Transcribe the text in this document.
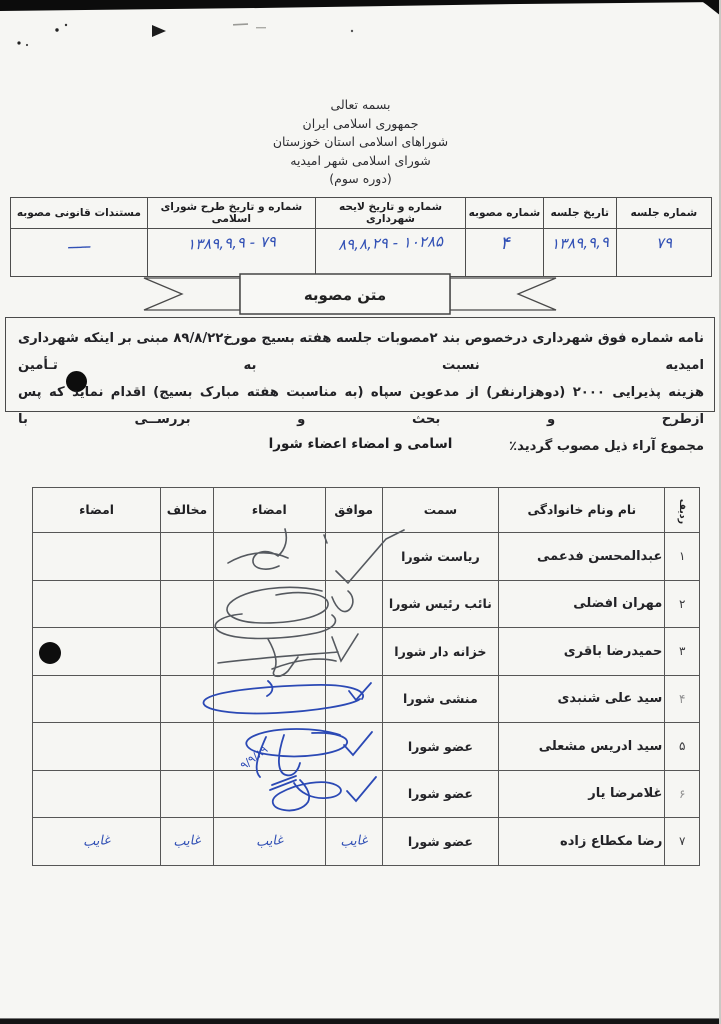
بسمه تعالی
جمهوری اسلامی ایران
شوراهای اسلامی استان خوزستان
شورای اسلامی شهر امیدیه
(دوره سوم)
شماره جلسه	تاریخ جلسه	شماره مصوبه	شماره و تاریخ لایحه شهرداری	شماره و تاریخ طرح شورای اسلامی	مستندات قانونی مصوبه
۷۹	۱۳۸۹,۹,۹	۴	۸۹,۸,۲۹ - ۱۰۲۸۵	۱۳۸۹,۹,۹ - ۷۹	ـــــ
متن مصوبه
نامه شماره فوق شهرداری درخصوص بند ۲مصوبات جلسه هفته بسیج مورخ۸۹/۸/۲۲ مبنی بر اینکه شهرداری امیدیه نسبت به تـأمین
هزینه پذیرایی ۲۰۰۰ (دوهزارنفر) از مدعوین سپاه (به مناسبت هفته مبارک بسیج) اقدام نماید که پس ازطرح و بحث و بررســی با
مجموع آراء ذیل مصوب گردید٪
اسامی و امضاء اعضاء شورا
ردیف	نام ونام خانوادگی	سمت	موافق	امضاء	مخالف	امضاء
۱	عبدالمحسن فدعمی	ریاست شورا				
۲	مهران افضلی	نائب رئیس شورا				
۳	حمیدرضا باقری	خزانه دار شورا				
۴	سید علی شنبدی	منشی شورا				
۵	سید ادریس مشعلی	عضو شورا				
۶	غلامرضا یار	عضو شورا				
۷	رضا مکطاع زاده	عضو شورا	غایب	غایب	غایب	غایب
۹/۹/۸۹
